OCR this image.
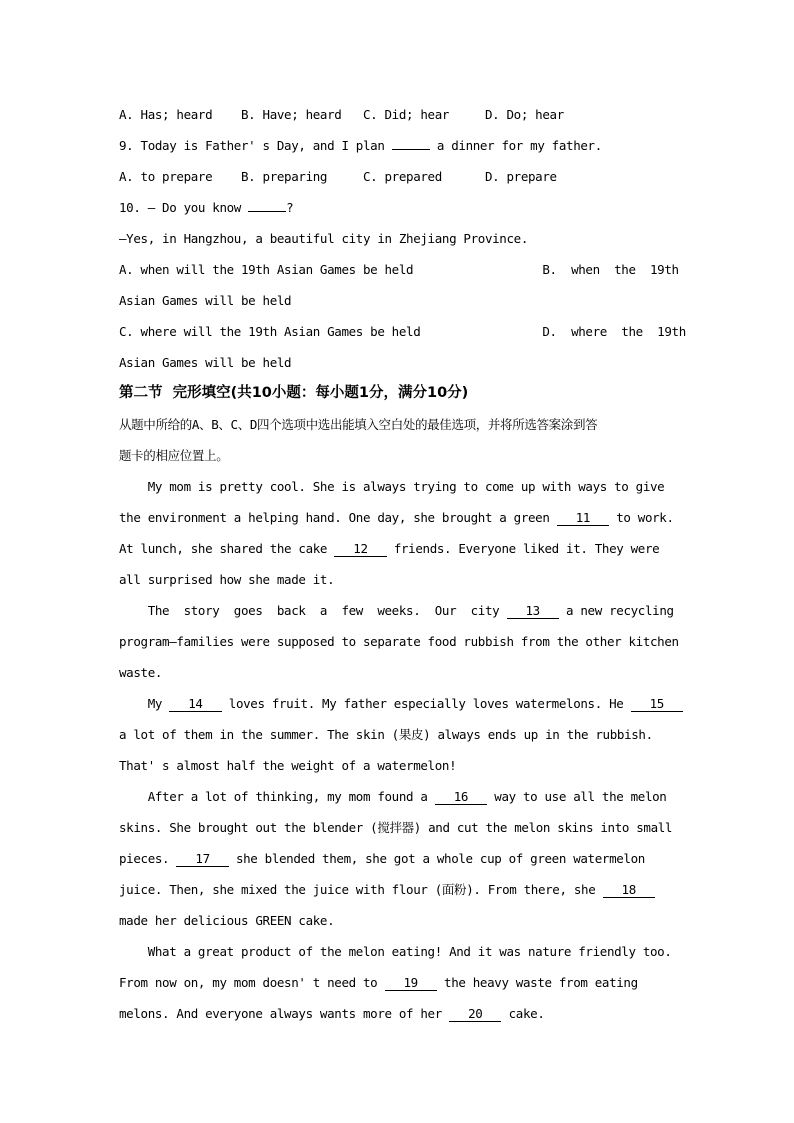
A. Has; heard    B. Have; heard   C. Did; hear     D. Do; hear
9. Today is Father' s Day, and I plan	a dinner for my father.
A. to prepare    B. preparing     C. prepared      D. prepare
10. — Do you know	?
—Yes, in Hangzhou, a beautiful city in Zhejiang Province.
A. when will the 19th Asian Games be held                  B.  when  the  19th
Asian Games will be held
C. where will the 19th Asian Games be held                 D.  where  the  19th
Asian Games will be held
第二节  完形填空(共10小题：每小题1分，满分10分)
从题中所给的A、B、C、D四个选项中选出能填入空白处的最佳选项，并将所选答案涂到答
题卡的相应位置上。
My mom is pretty cool. She is always trying to come up with ways to give
the environment a helping hand. One day, she brought a green 11 to work.
At lunch, she shared the cake 12 friends. Everyone liked it. They were
all surprised how she made it.
The  story  goes  back  a  few  weeks.  Our  city 13 a new recycling
program—families were supposed to separate food rubbish from the other kitchen
waste.
My 14 loves fruit. My father especially loves watermelons. He 15
a lot of them in the summer. The skin (果皮) always ends up in the rubbish.
That' s almost half the weight of a watermelon!
After a lot of thinking, my mom found a 16 way to use all the melon
skins. She brought out the blender (搅拌器) and cut the melon skins into small
pieces. 17 she blended them, she got a whole cup of green watermelon
juice. Then, she mixed the juice with flour (面粉). From there, she 18
made her delicious GREEN cake.
What a great product of the melon eating! And it was nature friendly too.
From now on, my mom doesn' t need to 19 the heavy waste from eating
melons. And everyone always wants more of her 20 cake.
